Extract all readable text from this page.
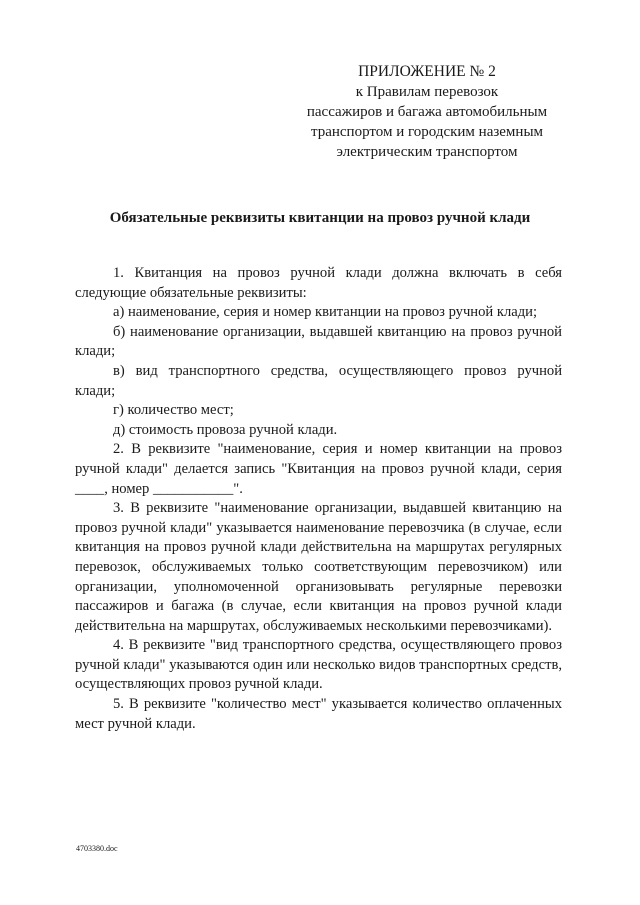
ПРИЛОЖЕНИЕ № 2
к Правилам перевозок
пассажиров и багажа автомобильным
транспортом и городским наземным
электрическим транспортом
Обязательные реквизиты квитанции на провоз ручной клади

1. Квитанция на провоз ручной клади должна включать в себя следующие обязательные реквизиты:

а) наименование, серия и номер квитанции на провоз ручной клади;

б) наименование организации, выдавшей квитанцию на провоз ручной клади;

в) вид транспортного средства, осуществляющего провоз ручной клади;

г) количество мест;

д) стоимость провоза ручной клади.

2. В реквизите "наименование, серия и номер квитанции на провоз ручной клади" делается запись "Квитанция на провоз ручной клади, серия ____, номер ___________".

3. В реквизите "наименование организации, выдавшей квитанцию на провоз ручной клади" указывается наименование перевозчика (в случае, если квитанция на провоз ручной клади действительна на маршрутах регулярных перевозок, обслуживаемых только соответствующим перевозчиком) или организации, уполномоченной организовывать регулярные перевозки пассажиров и багажа (в случае, если квитанция на провоз ручной клади действительна на маршрутах, обслуживаемых несколькими перевозчиками).

4. В реквизите "вид транспортного средства, осуществляющего провоз ручной клади" указываются один или несколько видов транспортных средств, осуществляющих провоз ручной клади.

5. В реквизите "количество мест" указывается количество оплаченных мест ручной клади.

4703380.doc
